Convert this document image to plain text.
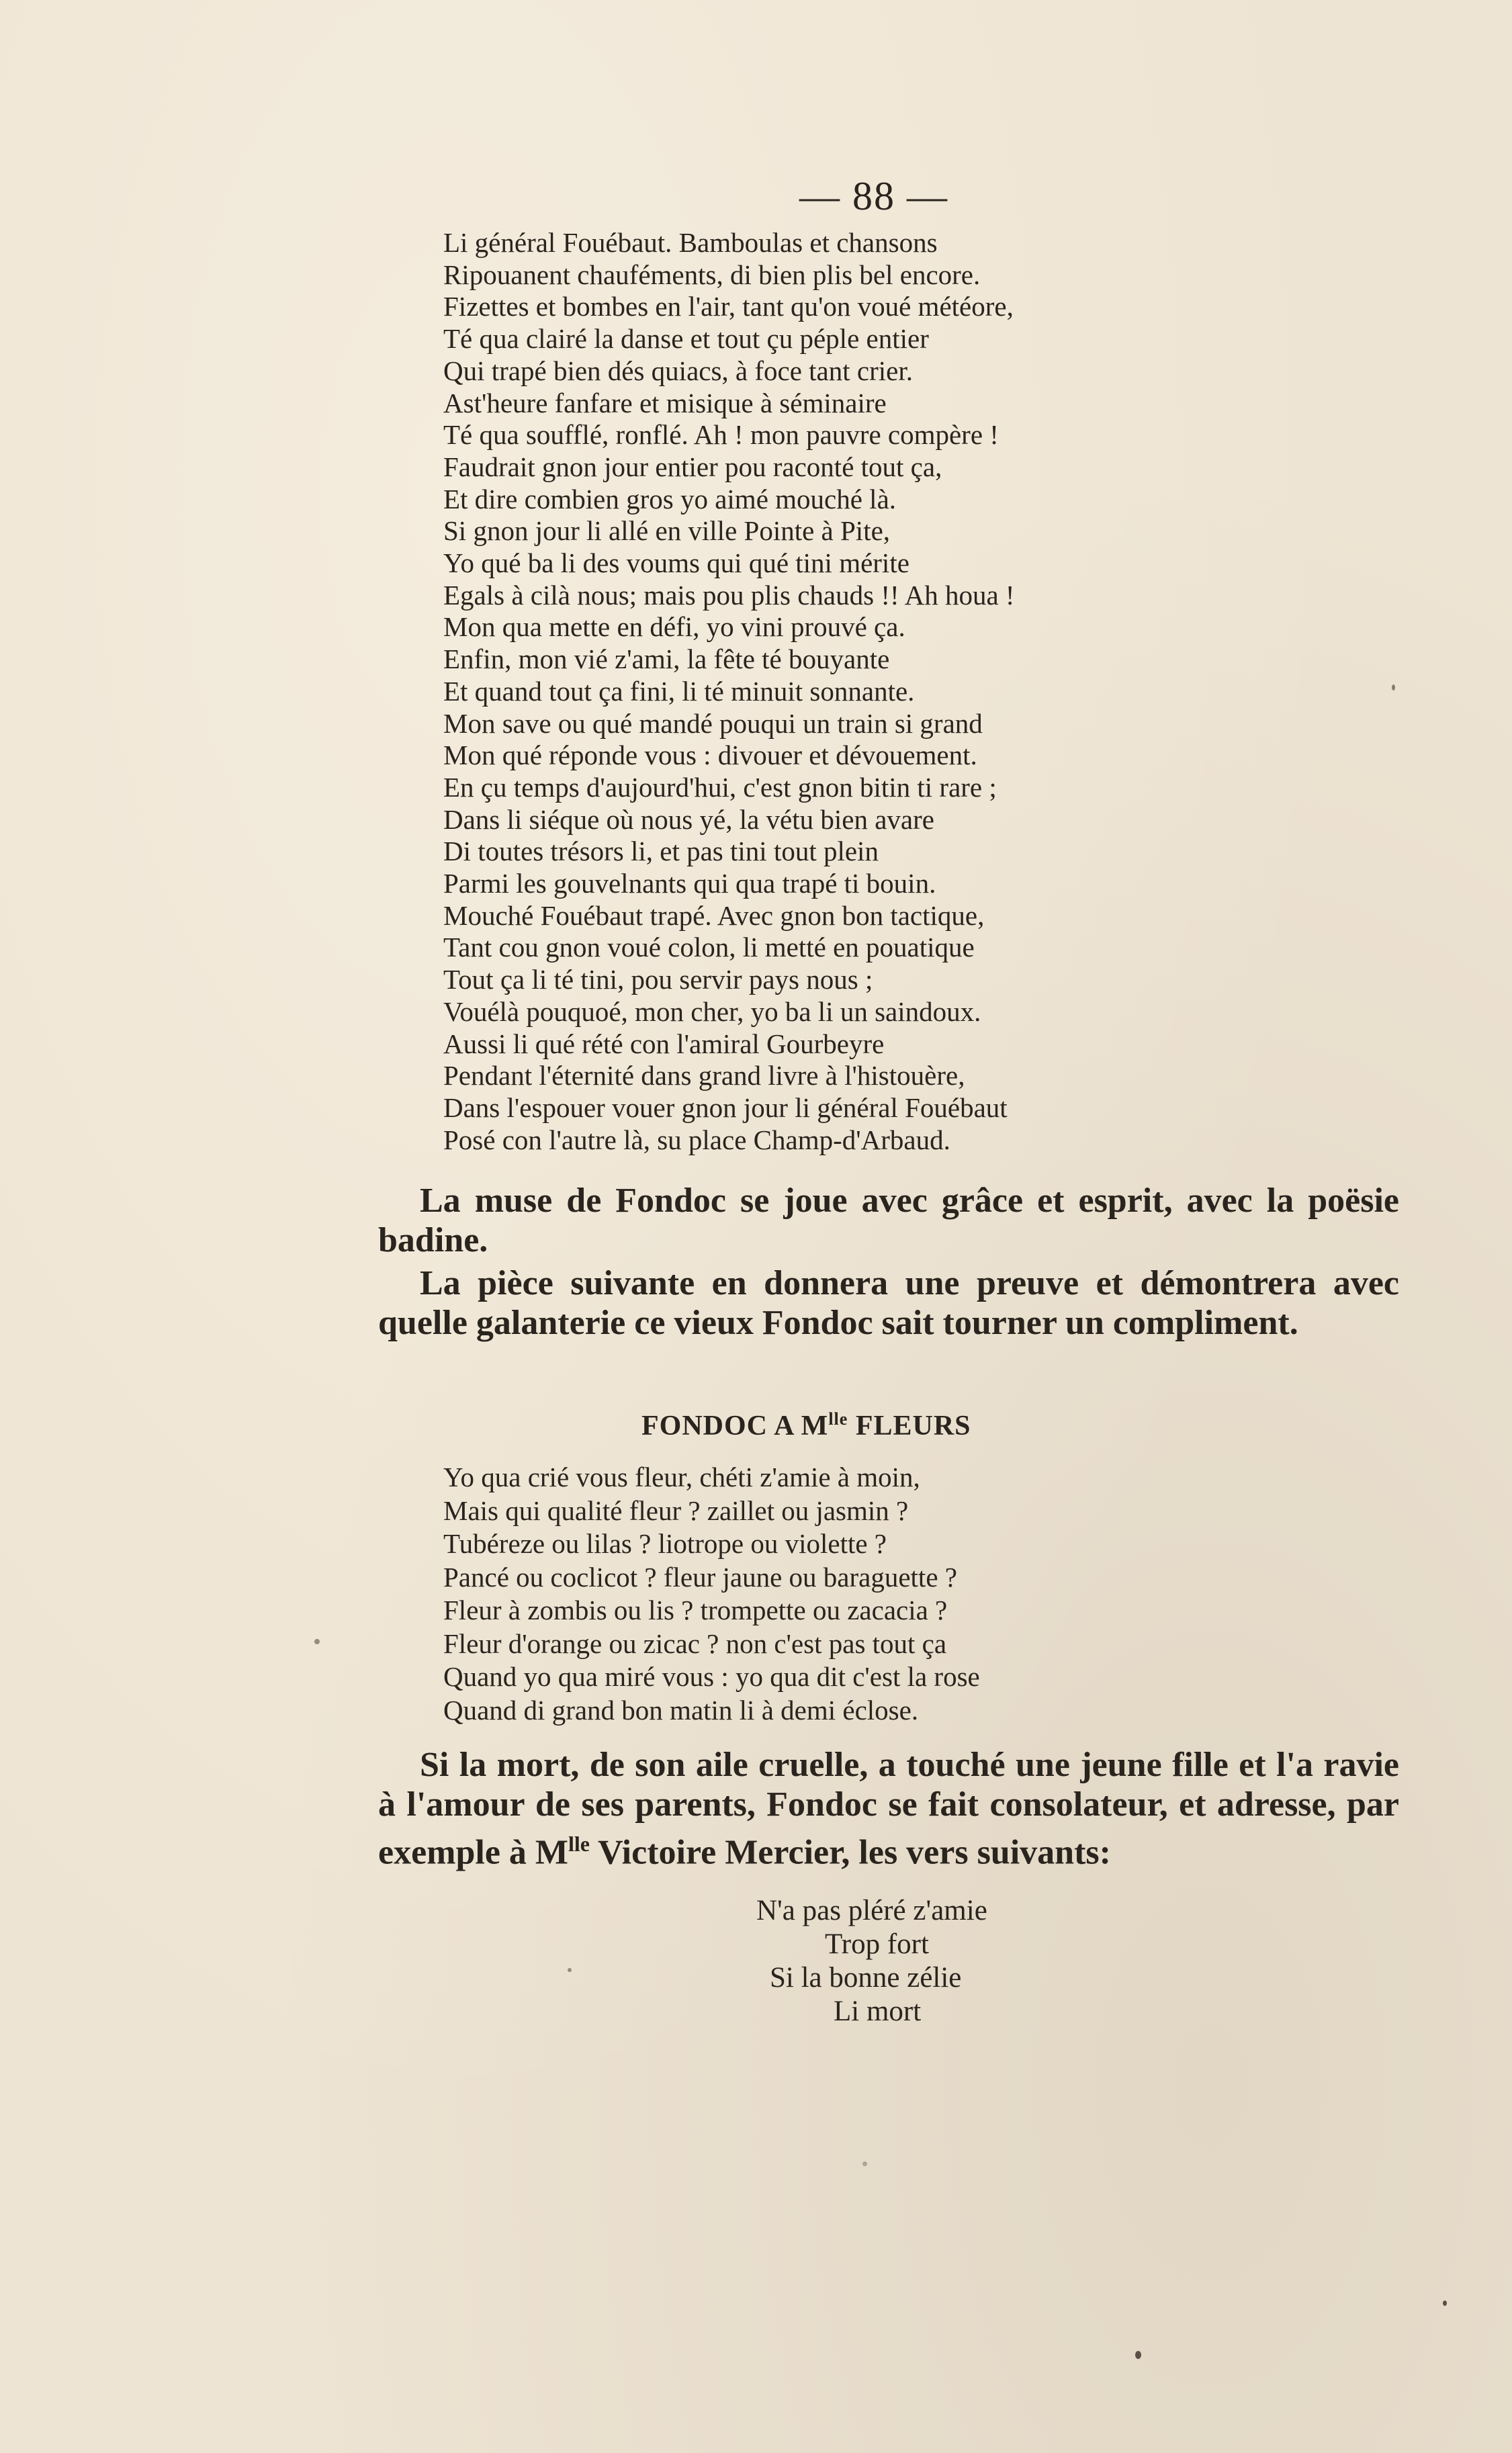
— 88 —
Li général Fouébaut. Bamboulas et chansons
Ripouanent chauféments, di bien plis bel encore.
Fizettes et bombes en l'air, tant qu'on voué météore,
Té qua clairé la danse et tout çu péple entier
Qui trapé bien dés quiacs, à foce tant crier.
Ast'heure fanfare et misique à séminaire
Té qua soufflé, ronflé. Ah ! mon pauvre compère !
Faudrait gnon jour entier pou raconté tout ça,
Et dire combien gros yo aimé mouché là.
Si gnon jour li allé en ville Pointe à Pite,
Yo qué ba li des voums qui qué tini mérite
Egals à cilà nous; mais pou plis chauds !! Ah houa !
Mon qua mette en défi, yo vini prouvé ça.
Enfin, mon vié z'ami, la fête té bouyante
Et quand tout ça fini, li té minuit sonnante.
Mon save ou qué mandé pouqui un train si grand
Mon qué réponde vous : divouer et dévouement.
En çu temps d'aujourd'hui, c'est gnon bitin ti rare ;
Dans li siéque où nous yé, la vétu bien avare
Di toutes trésors li, et pas tini tout plein
Parmi les gouvelnants qui qua trapé ti bouin.
Mouché Fouébaut trapé. Avec gnon bon tactique,
Tant cou gnon voué colon, li metté en pouatique
Tout ça li té tini, pou servir pays nous ;
Vouélà pouquoé, mon cher, yo ba li un saindoux.
Aussi li qué rété con l'amiral Gourbeyre
Pendant l'éternité dans grand livre à l'histouère,
Dans l'espouer vouer gnon jour li général Fouébaut
Posé con l'autre là, su place Champ-d'Arbaud.

La muse de Fondoc se joue avec grâce et esprit, avec la poësie badine.

La pièce suivante en donnera une preuve et démontrera avec quelle galanterie ce vieux Fondoc sait tourner un compliment.

FONDOC A $M^{lle}$ FLEURS
Yo qua crié vous fleur, chéti z'amie à moin,
Mais qui qualité fleur ? zaillet ou jasmin ?
Tubéreze ou lilas ? liotrope ou violette ?
Pancé ou coclicot ? fleur jaune ou baraguette ?
Fleur à zombis ou lis ? trompette ou zacacia ?
Fleur d'orange ou zicac ? non c'est pas tout ça
Quand yo qua miré vous : yo qua dit c'est la rose
Quand di grand bon matin li à demi éclose.

Si la mort, de son aile cruelle, a touché une jeune fille et l'a ravie à l'amour de ses parents, Fondoc se fait consolateur, et adresse, par exemple à $M^{lle}$ Victoire Mercier, les vers suivants:

N'a pas pléré z'amie
Trop fort
Si la bonne zélie
Li mort
